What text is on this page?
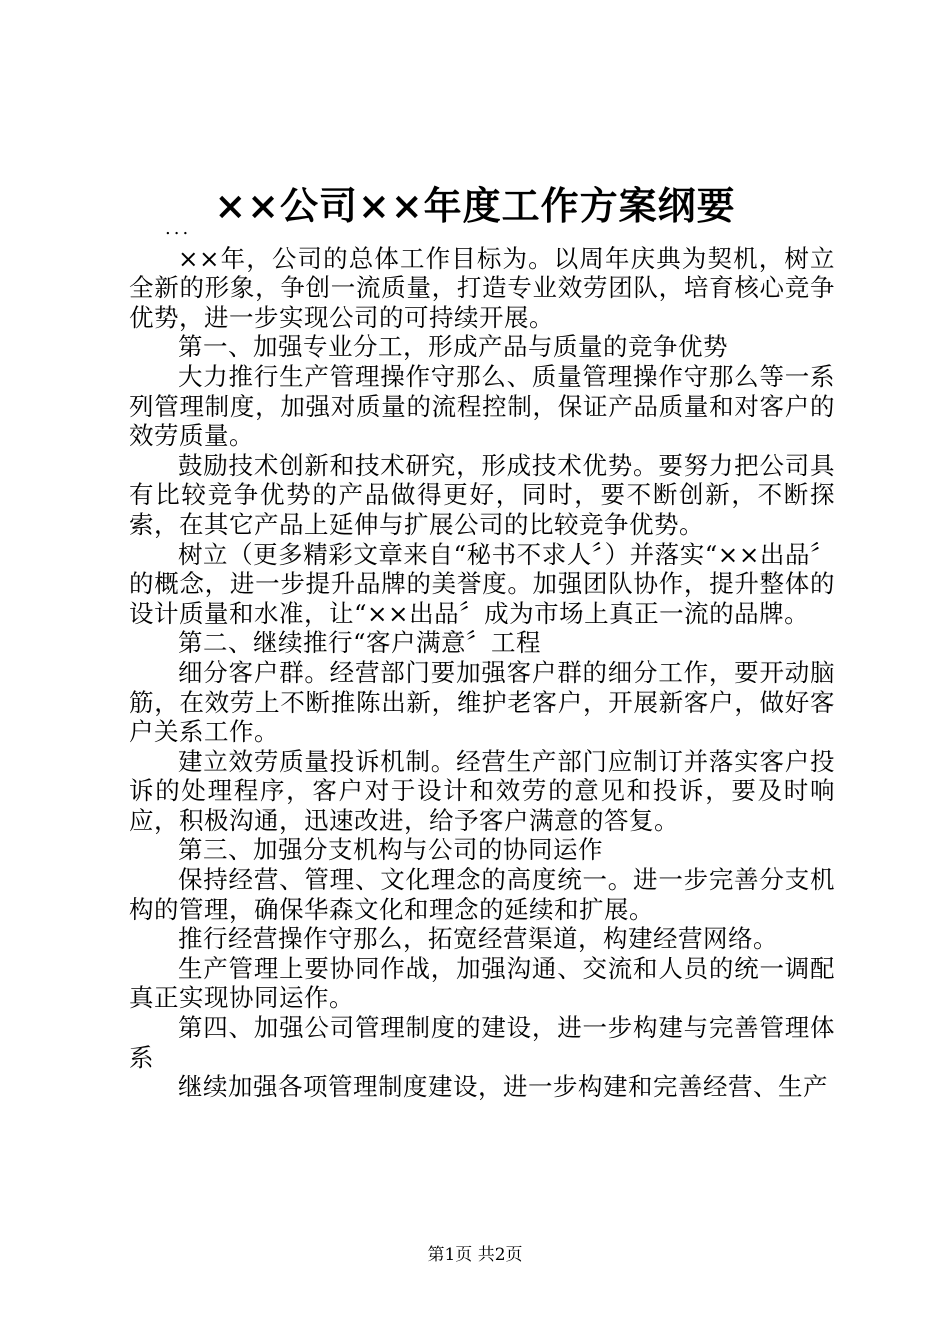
××公司××年度工作方案纲要

...

××年，公司的总体工作目标为。以周年庆典为契机，树立全新的形象，争创一流质量，打造专业效劳团队，培育核心竞争优势，进一步实现公司的可持续开展。

第一、加强专业分工，形成产品与质量的竞争优势

大力推行生产管理操作守那么、质量管理操作守那么等一系列管理制度，加强对质量的流程控制，保证产品质量和对客户的效劳质量。

鼓励技术创新和技术研究，形成技术优势。要努力把公司具有比较竞争优势的产品做得更好，同时，要不断创新，不断探索，在其它产品上延伸与扩展公司的比较竞争优势。

树立（更多精彩文章来自“秘书不求人〞）并落实“××出品〞的概念，进一步提升品牌的美誉度。加强团队协作，提升整体的设计质量和水准，让“××出品〞成为市场上真正一流的品牌。

第二、继续推行“客户满意〞工程

细分客户群。经营部门要加强客户群的细分工作，要开动脑筋，在效劳上不断推陈出新，维护老客户，开展新客户，做好客户关系工作。

建立效劳质量投诉机制。经营生产部门应制订并落实客户投诉的处理程序，客户对于设计和效劳的意见和投诉，要及时响应，积极沟通，迅速改进，给予客户满意的答复。

第三、加强分支机构与公司的协同运作

保持经营、管理、文化理念的高度统一。进一步完善分支机构的管理，确保华森文化和理念的延续和扩展。

推行经营操作守那么，拓宽经营渠道，构建经营网络。

生产管理上要协同作战，加强沟通、交流和人员的统一调配真正实现协同运作。

第四、加强公司管理制度的建设，进一步构建与完善管理体系

继续加强各项管理制度建设，进一步构建和完善经营、生产

第1页 共2页
